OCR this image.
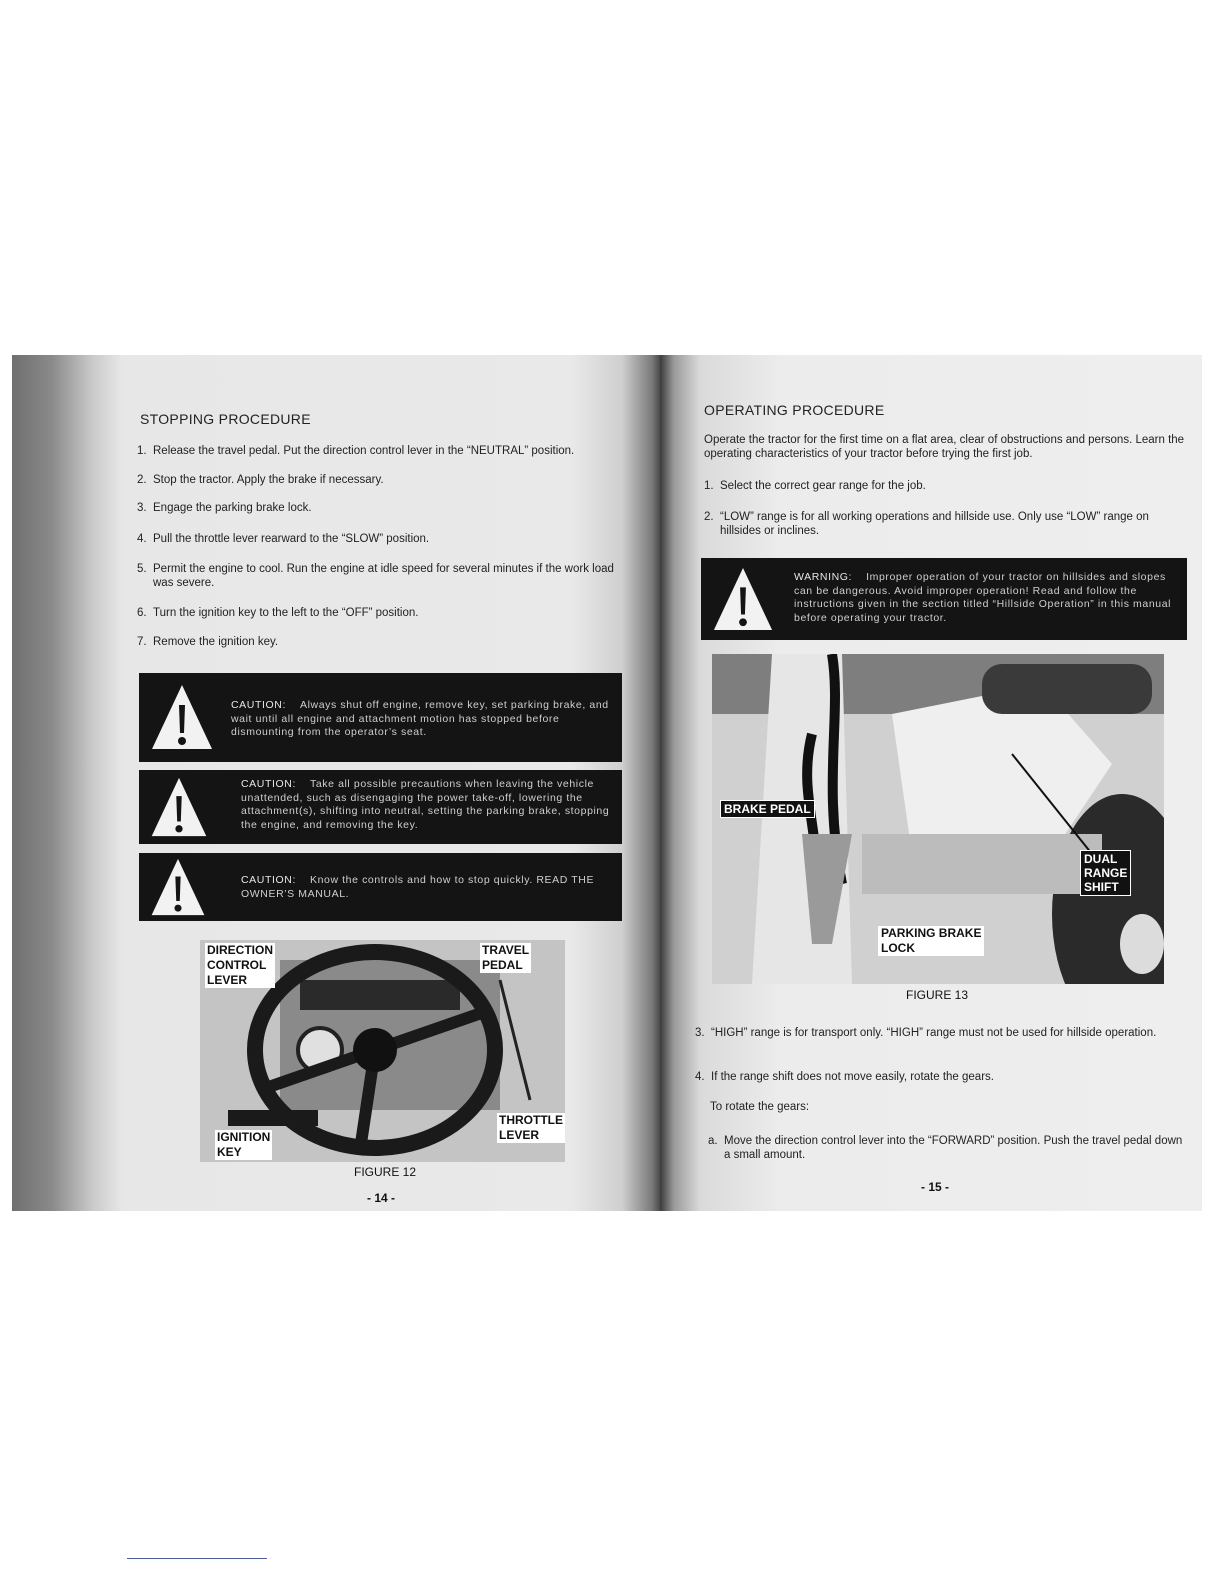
STOPPING PROCEDURE
1. Release the travel pedal. Put the direction control lever in the “NEUTRAL” position.
2. Stop the tractor. Apply the brake if necessary.
3. Engage the parking brake lock.
4. Pull the throttle lever rearward to the “SLOW” position.
5. Permit the engine to cool. Run the engine at idle speed for several minutes if the work load was severe.
6. Turn the ignition key to the left to the “OFF” position.
7. Remove the ignition key.
CAUTION: Always shut off engine, remove key, set parking brake, and wait until all engine and attachment motion has stopped before dismounting from the operator’s seat.
CAUTION: Take all possible precautions when leaving the vehicle unattended, such as disengaging the power take-off, lowering the attachment(s), shifting into neutral, setting the parking brake, stopping the engine, and removing the key.
CAUTION: Know the controls and how to stop quickly. READ THE OWNER’S MANUAL.
DIRECTION
CONTROL
LEVER
TRAVEL
PEDAL
THROTTLE
LEVER
IGNITION
KEY
FIGURE 12
- 14 -
OPERATING PROCEDURE
Operate the tractor for the first time on a flat area, clear of obstructions and persons. Learn the operating characteristics of your tractor before trying the first job.
1. Select the correct gear range for the job.
2. “LOW” range is for all working operations and hillside use. Only use “LOW” range on hillsides or inclines.
WARNING: Improper operation of your tractor on hillsides and slopes can be dangerous. Avoid improper operation! Read and follow the instructions given in the section titled “Hillside Operation” in this manual before operating your tractor.
BRAKE PEDAL
DUAL
RANGE
SHIFT
PARKING BRAKE
LOCK
FIGURE 13
3. “HIGH” range is for transport only. “HIGH” range must not be used for hillside operation.
4. If the range shift does not move easily, rotate the gears.
To rotate the gears:
a. Move the direction control lever into the “FORWARD” position. Push the travel pedal down a small amount.
- 15 -
